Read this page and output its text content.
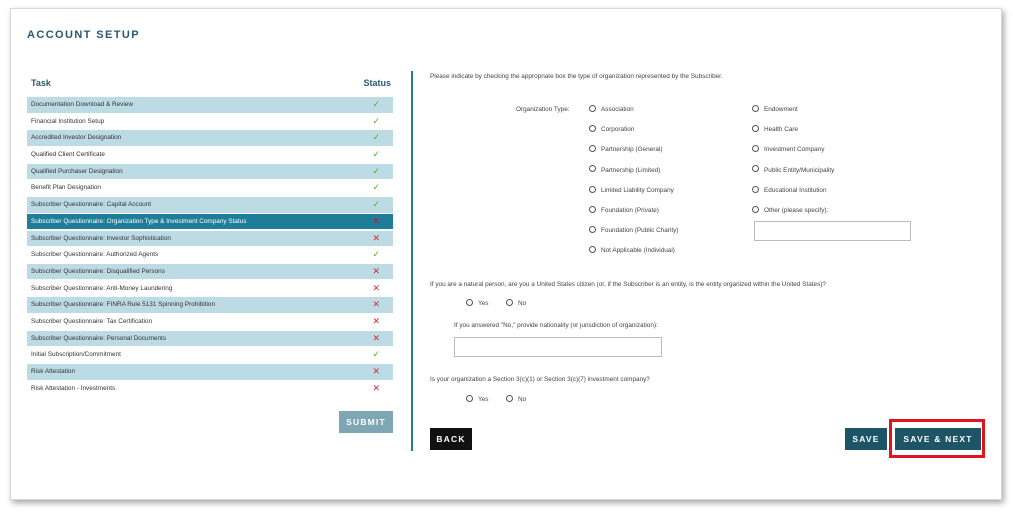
ACCOUNT SETUP
Task	Status
Documentation Download & Review	✓
Financial Institution Setup	✓
Accredited Investor Designation	✓
Qualified Client Certificate	✓
Qualified Purchaser Designation	✓
Benefit Plan Designation	✓
Subscriber Questionnaire: Capital Account	✓
Subscriber Questionnaire: Organization Type & Investment Company Status	✕
Subscriber Questionnaire: Investor Sophistication	✕
Subscriber Questionnaire: Authorized Agents	✓
Subscriber Questionnaire: Disqualified Persons	✕
Subscriber Questionnaire: Anti-Money Laundering	✕
Subscriber Questionnaire: FINRA Rule 5131 Spinning Prohibition	✕
Subscriber Questionnaire: Tax Certification	✕
Subscriber Questionnaire: Personal Documents	✕
Initial Subscription/Commitment	✓
Risk Attestation	✕
Risk Attestation - Investments	✕
SUBMIT
Please indicate by checking the appropriate box the type of organization represented by the Subscriber.
Organization Type:	Association
Corporation
Partnership (General)
Partnership (Limited)
Limited Liability Company
Foundation (Private)
Foundation (Public Charity)
Not Applicable (Individual)
Endowment
Health Care
Investment Company
Public Entity/Municipality
Educational Institution
Other (please specify):
If you are a natural person, are you a United States citizen (or, if the Subscriber is an entity, is the entity organized within the United States)?
Yes	No
If you answered "No," provide nationality (or jurisdiction of organization):
Is your organization a Section 3(c)(1) or Section 3(c)(7) investment company?
Yes	No
BACK	SAVE	SAVE & NEXT
